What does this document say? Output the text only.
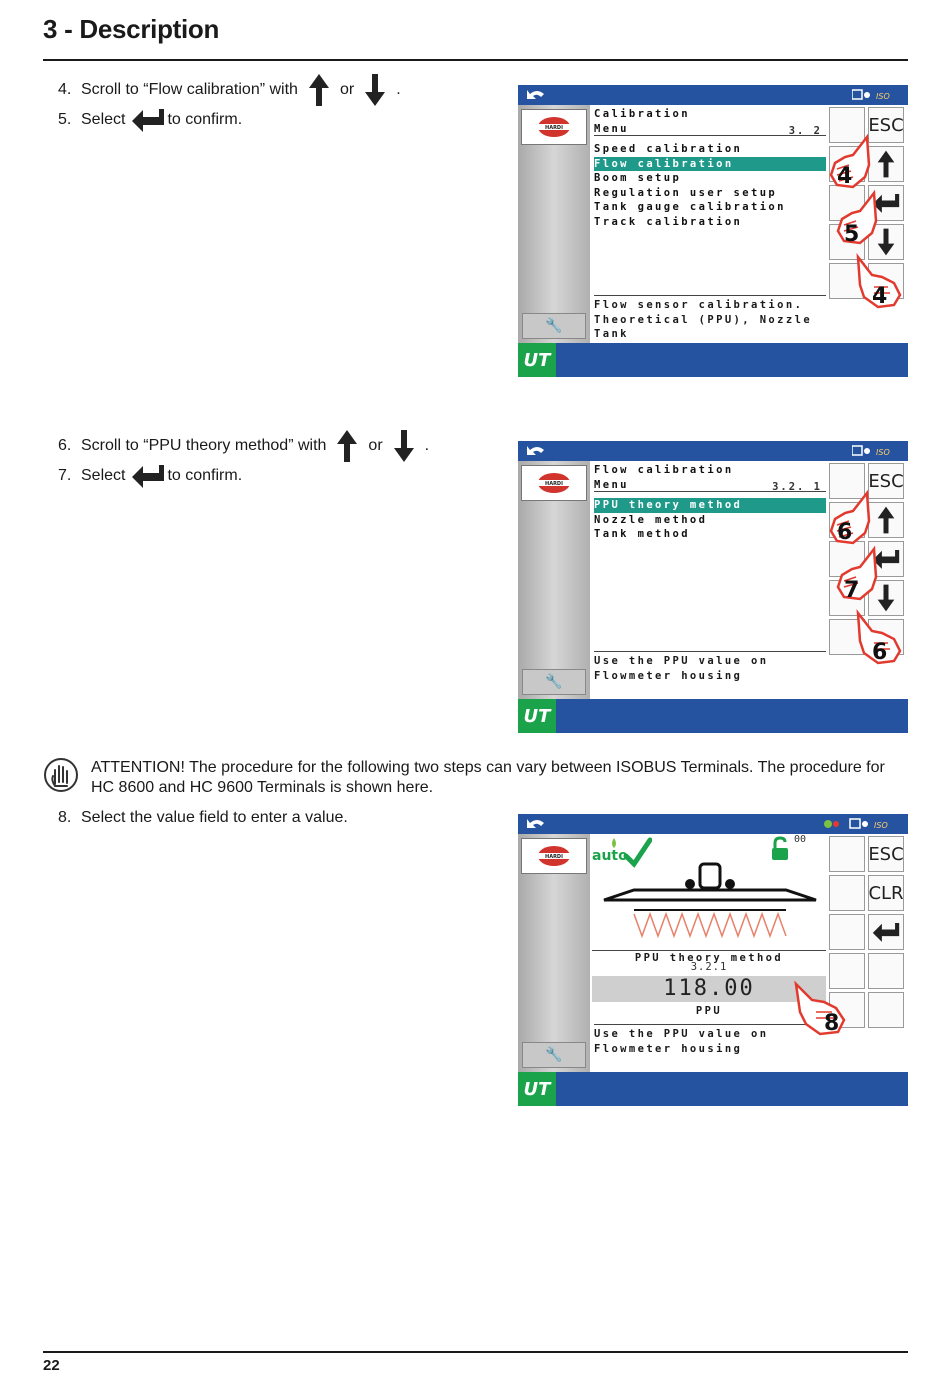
3 - Description
4. Scroll to “Flow calibration” with	or	.
5. Select	to confirm.
ISO
HARDI
🔧
Calibration
Menu	3. 2
Speed calibration
Flow calibration
Boom setup
Regulation user setup
Tank gauge calibration
Track calibration
Flow sensor calibration.
Theoretical (PPU), Nozzle Tank
ESC
4
5
4
UT
6. Scroll to “PPU theory method” with	or	.
7. Select	to confirm.
ISO
HARDI
🔧
Flow calibration
Menu	3.2. 1
PPU theory method
Nozzle method
Tank method
Use the PPU value on
Flowmeter housing
ESC
6
7
6
UT
ATTENTION! The procedure for the following two steps can vary between ISOBUS Terminals. The procedure for HC 8600 and HC 9600 Terminals is shown here.
8. Select the value field to enter a value.	ISO
HARDI
🔧
auto
00
PPU theory method
3.2.1
118.00
PPU
Use the PPU value on
Flowmeter housing
ESC
CLR
8
UT
22
